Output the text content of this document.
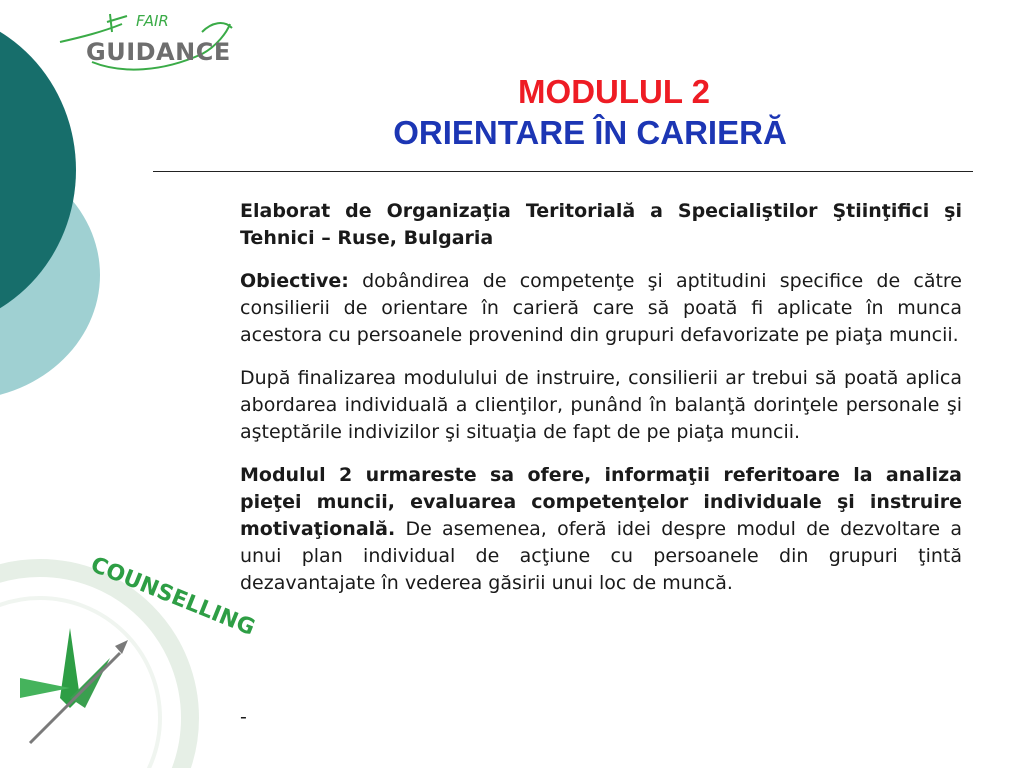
FAIR
GUIDANCE
MODULUL 2
ORIENTARE ÎN CARIERĂ

Elaborat de Organizaţia Teritorială a Specialiştilor Ştiinţifici şi Tehnici – Ruse, Bulgaria

Obiective: dobândirea de competenţe şi aptitudini specifice de către consilierii de orientare în carieră care să poată fi aplicate în munca acestora cu persoanele provenind din grupuri defavorizate pe piaţa muncii.

După finalizarea modulului de instruire, consilierii ar trebui să poată aplica abordarea individuală a clienţilor, punând în balanţă dorinţele personale şi aşteptările indivizilor şi situaţia de fapt de pe piaţa muncii.

Modulul 2 urmareste sa ofere, informaţii referitoare la analiza pieţei muncii, evaluarea competenţelor individuale şi instruire motivaţională. De asemenea, oferă idei despre modul de dezvoltare a unui plan individual de acţiune cu persoanele din grupuri ţintă dezavantajate în vederea găsirii unui loc de muncă.

-
COUNSELLING
